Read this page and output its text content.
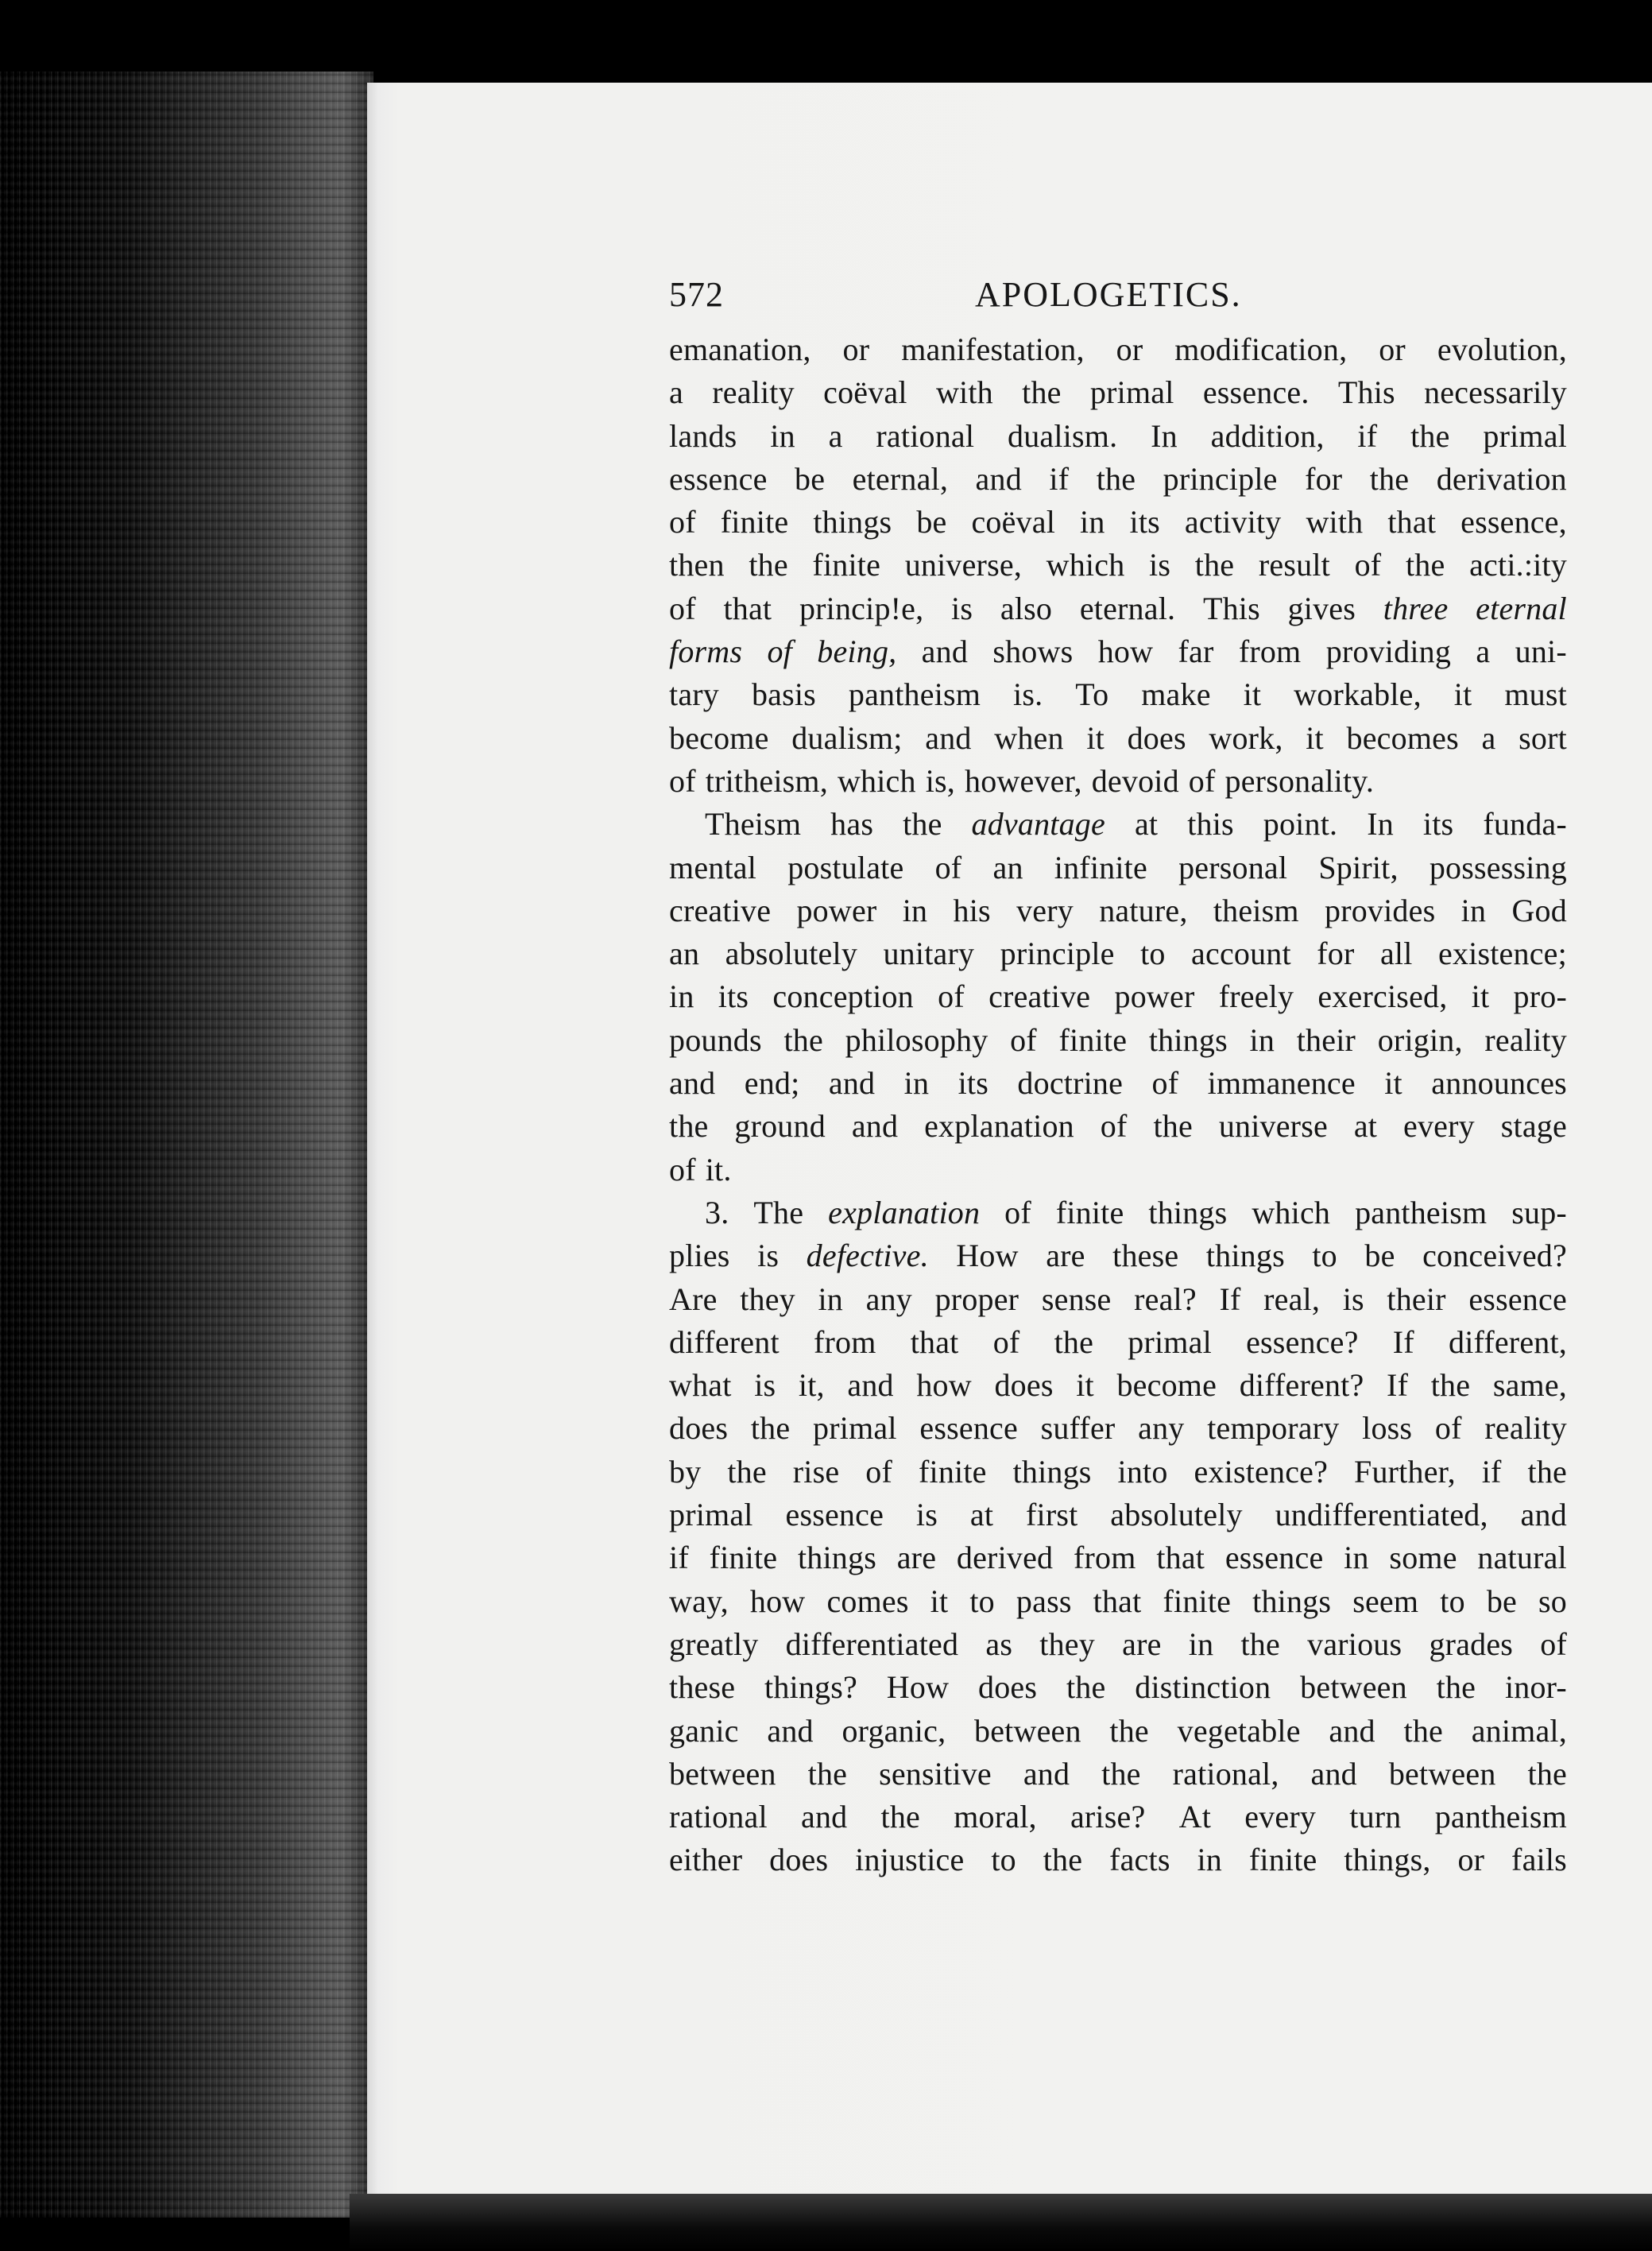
572	APOLOGETICS.
emanation, or manifestation, or modification, or evolution,
a reality coëval with the primal essence. This necessarily
lands in a rational dualism. In addition, if the primal
essence be eternal, and if the principle for the derivation
of finite things be coëval in its activity with that essence,
then the finite universe, which is the result of the acti.:ity
of that princip!e, is also eternal. This gives three eternal
forms of being, and shows how far from providing a uni-
tary basis pantheism is. To make it workable, it must
become dualism; and when it does work, it becomes a sort
of tritheism, which is, however, devoid of personality.
Theism has the advantage at this point. In its funda-
mental postulate of an infinite personal Spirit, possessing
creative power in his very nature, theism provides in God
an absolutely unitary principle to account for all existence;
in its conception of creative power freely exercised, it pro-
pounds the philosophy of finite things in their origin, reality
and end; and in its doctrine of immanence it announces
the ground and explanation of the universe at every stage
of it.
3. The explanation of finite things which pantheism sup-
plies is defective. How are these things to be conceived?
Are they in any proper sense real? If real, is their essence
different from that of the primal essence? If different,
what is it, and how does it become different? If the same,
does the primal essence suffer any temporary loss of reality
by the rise of finite things into existence? Further, if the
primal essence is at first absolutely undifferentiated, and
if finite things are derived from that essence in some natural
way, how comes it to pass that finite things seem to be so
greatly differentiated as they are in the various grades of
these things? How does the distinction between the inor-
ganic and organic, between the vegetable and the animal,
between the sensitive and the rational, and between the
rational and the moral, arise? At every turn pantheism
either does injustice to the facts in finite things, or fails
